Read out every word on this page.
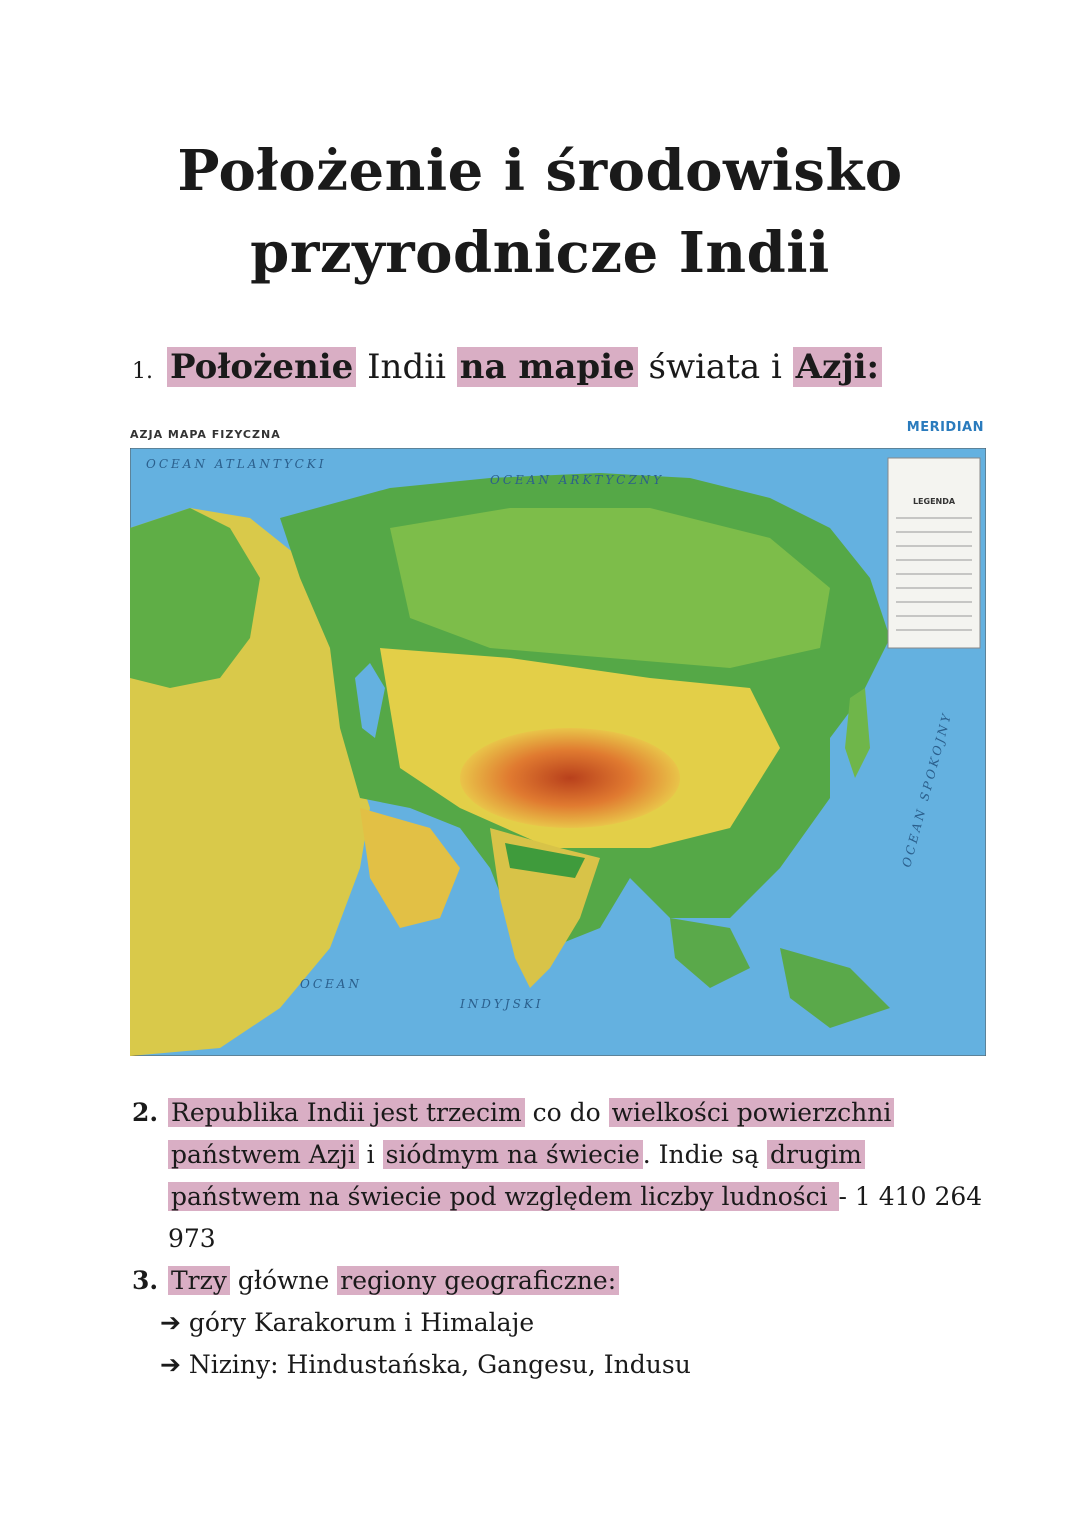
Położenie i środowisko
przyrodnicze Indii
1. Położenie Indii na mapie świata i Azji:
AZJA MAPA FIZYCZNA	MERIDIAN
LEGENDA
OCEAN ATLANTYCKI
OCEAN ARKTYCZNY
OCEAN
INDYJSKI
OCEAN SPOKOJNY
2. Republika Indii jest trzecim co do wielkości powierzchni
państwem Azji i siódmym na świecie . Indie są drugim
państwem na świecie pod względem liczby ludności - 1 410 264
973
3. Trzy główne regiony geograficzne:
➔ góry Karakorum i Himalaje
➔ Niziny: Hindustańska, Gangesu, Indusu
